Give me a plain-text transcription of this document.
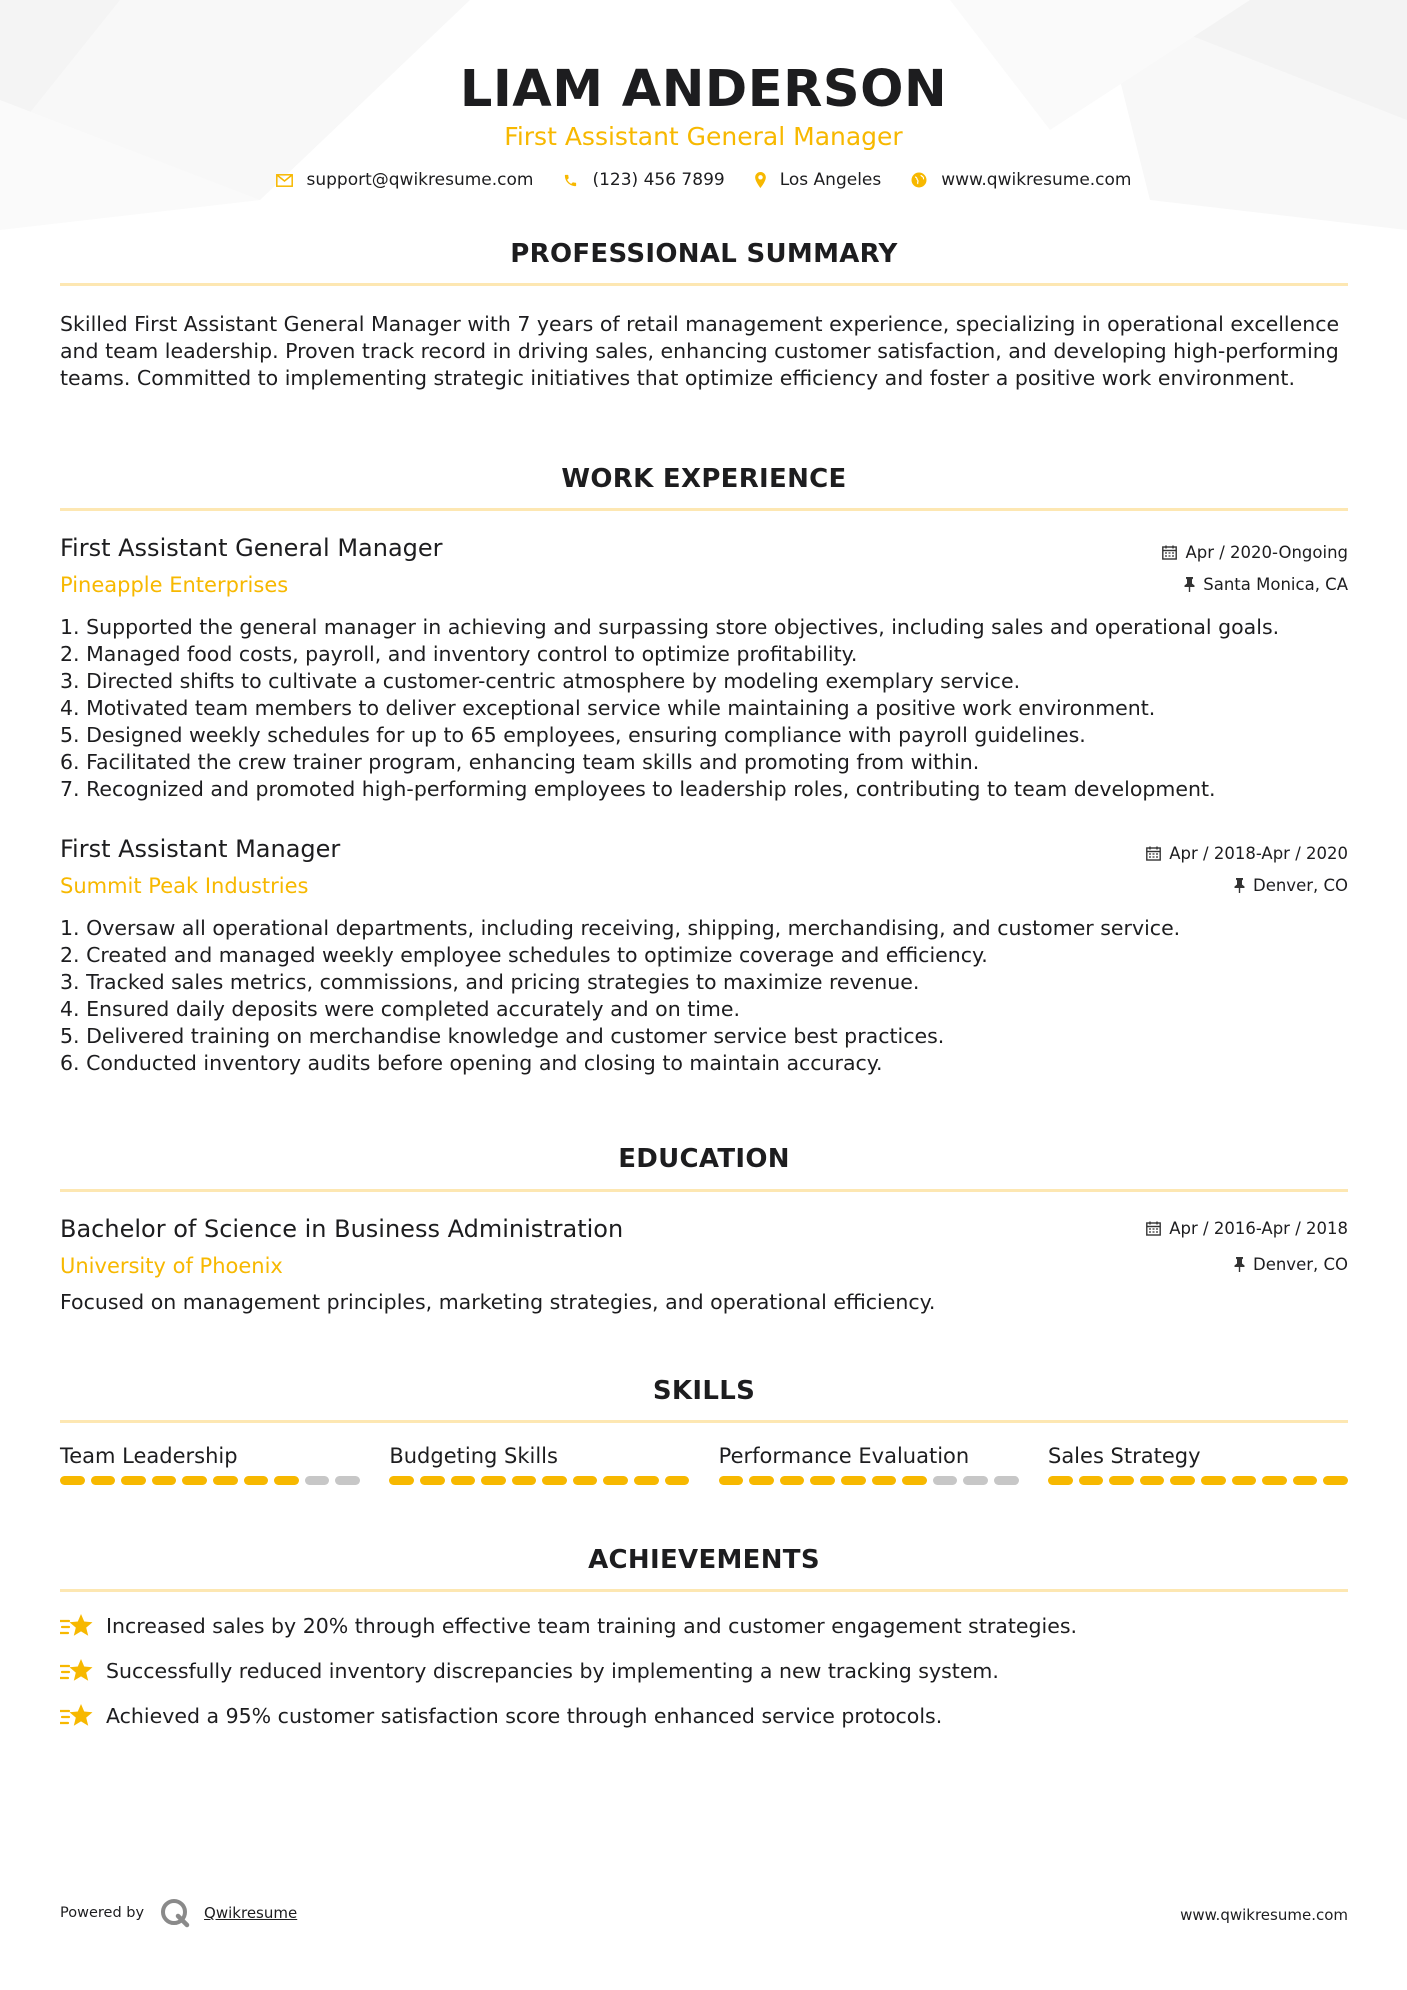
LIAM ANDERSON
First Assistant General Manager
support@qwikresume.com	(123) 456 7899	Los Angeles	www.qwikresume.com
PROFESSIONAL SUMMARY
Skilled First Assistant General Manager with 7 years of retail management experience, specializing in operational excellence and team leadership. Proven track record in driving sales, enhancing customer satisfaction, and developing high-performing teams. Committed to implementing strategic initiatives that optimize efficiency and foster a positive work environment.
WORK EXPERIENCE
First Assistant General Manager
Pineapple Enterprises
Apr / 2020-Ongoing
Santa Monica, CA
1. Supported the general manager in achieving and surpassing store objectives, including sales and operational goals.
2. Managed food costs, payroll, and inventory control to optimize profitability.
3. Directed shifts to cultivate a customer-centric atmosphere by modeling exemplary service.
4. Motivated team members to deliver exceptional service while maintaining a positive work environment.
5. Designed weekly schedules for up to 65 employees, ensuring compliance with payroll guidelines.
6. Facilitated the crew trainer program, enhancing team skills and promoting from within.
7. Recognized and promoted high-performing employees to leadership roles, contributing to team development.
First Assistant Manager
Summit Peak Industries
Apr / 2018-Apr / 2020
Denver, CO
1. Oversaw all operational departments, including receiving, shipping, merchandising, and customer service.
2. Created and managed weekly employee schedules to optimize coverage and efficiency.
3. Tracked sales metrics, commissions, and pricing strategies to maximize revenue.
4. Ensured daily deposits were completed accurately and on time.
5. Delivered training on merchandise knowledge and customer service best practices.
6. Conducted inventory audits before opening and closing to maintain accuracy.
EDUCATION
Bachelor of Science in Business Administration
University of Phoenix
Apr / 2016-Apr / 2018
Denver, CO
Focused on management principles, marketing strategies, and operational efficiency.
SKILLS
Team Leadership	Budgeting Skills	Performance Evaluation	Sales Strategy
ACHIEVEMENTS
Increased sales by 20% through effective team training and customer engagement strategies.
Successfully reduced inventory discrepancies by implementing a new tracking system.
Achieved a 95% customer satisfaction score through enhanced service protocols.
Powered by	Qwikresume	www.qwikresume.com
